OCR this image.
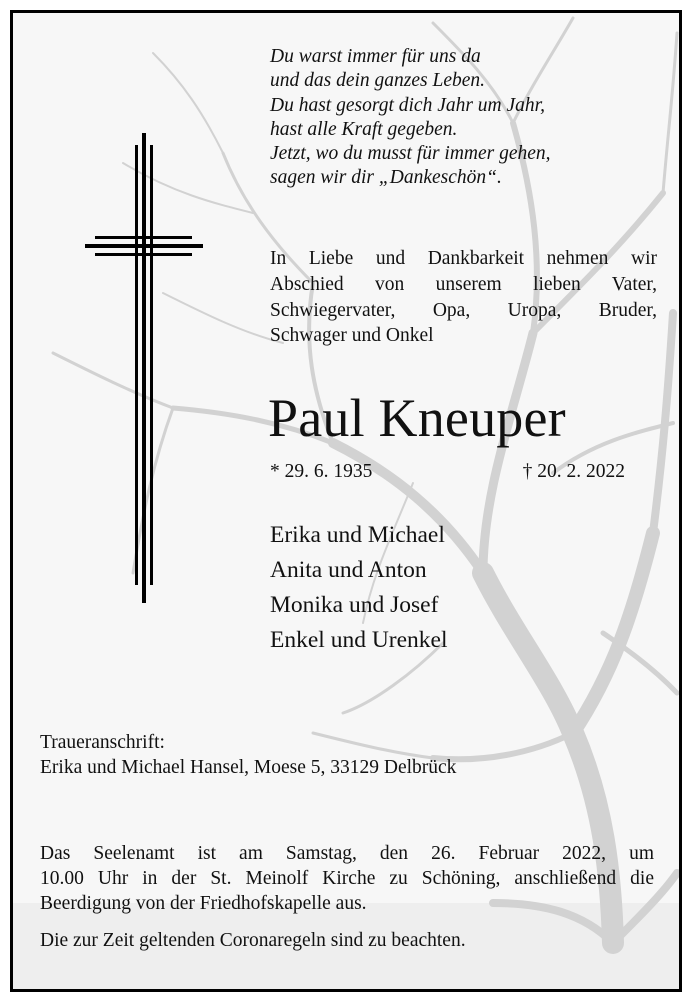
Du warst immer für uns da
und das dein ganzes Leben.
Du hast gesorgt dich Jahr um Jahr,
hast alle Kraft gegeben.
Jetzt, wo du musst für immer gehen,
sagen wir dir „Dankeschön“.
In Liebe und Dankbarkeit nehmen wir
Abschied von unserem lieben Vater,
Schwiegervater, Opa, Uropa, Bruder,
Schwager und Onkel
Paul Kneuper
* 29. 6. 1935	† 20. 2. 2022
Erika und Michael
Anita und Anton
Monika und Josef
Enkel und Urenkel
Traueranschrift:
Erika und Michael Hansel, Moese 5, 33129 Delbrück
Das Seelenamt ist am Samstag, den 26. Februar 2022, um
10.00 Uhr in der St. Meinolf Kirche zu Schöning, anschließend die
Beerdigung von der Friedhofskapelle aus.
Die zur Zeit geltenden Coronaregeln sind zu beachten.
